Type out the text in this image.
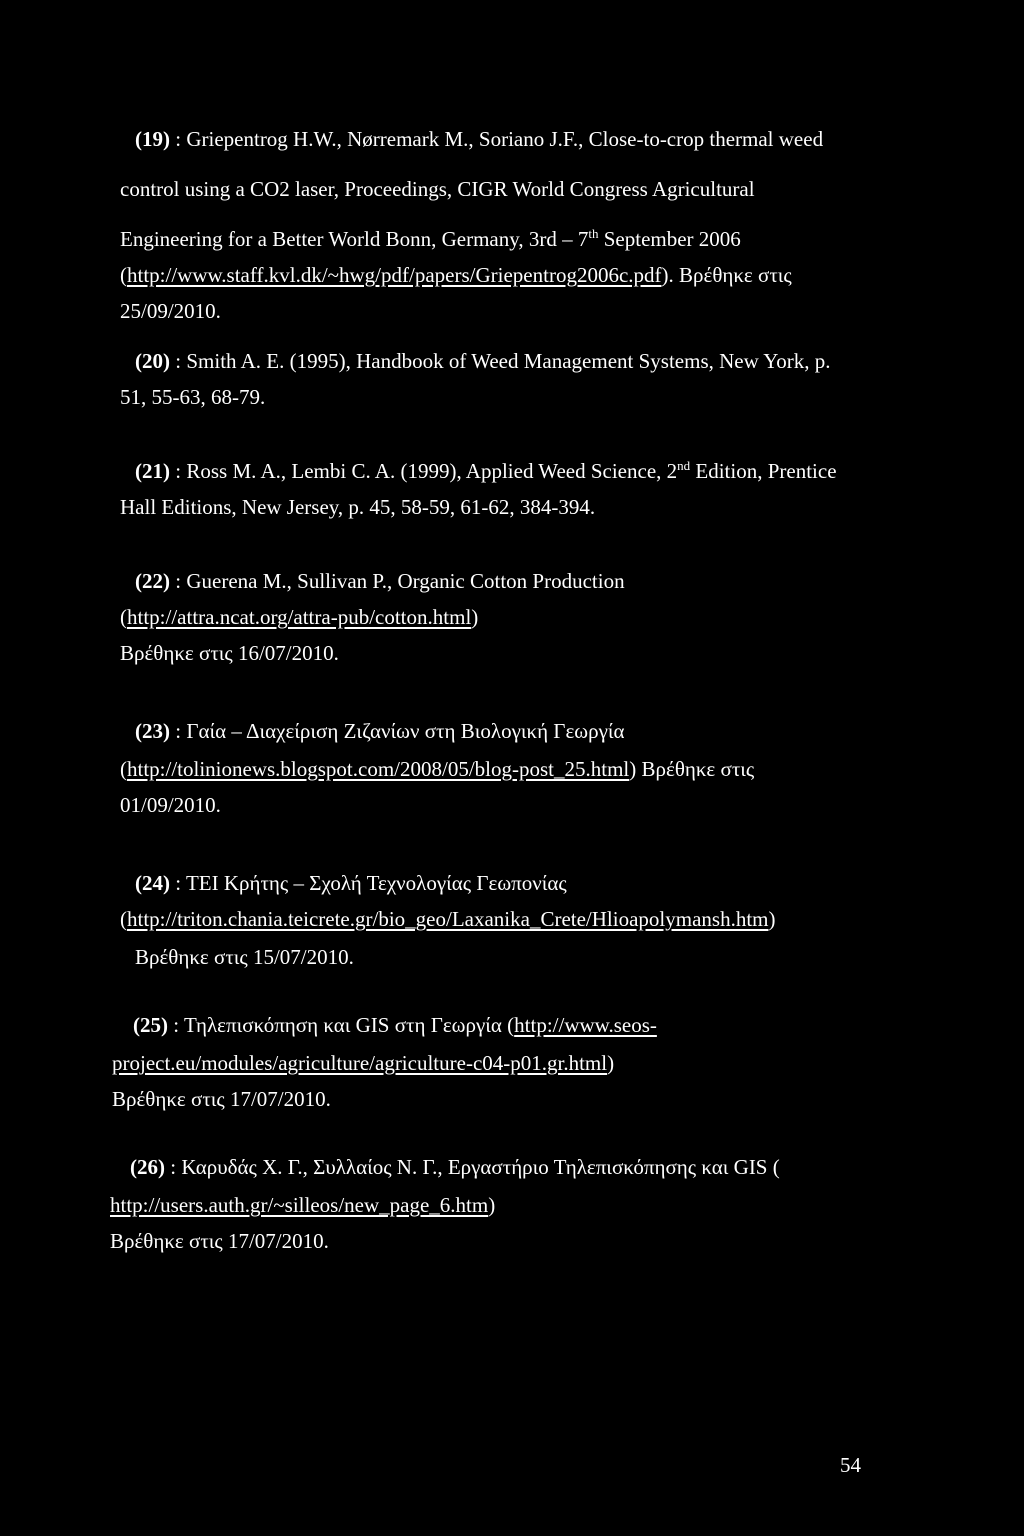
(19) : Griepentrog H.W., Nørremark M., Soriano J.F., Close-to-crop thermal weed

control using a CO2 laser, Proceedings, CIGR World Congress Agricultural

Engineering for a Better World Bonn, Germany, 3rd – 7th September 2006

(http://www.staff.kvl.dk/~hwg/pdf/papers/Griepentrog2006c.pdf). Βρέθηκε στις

25/09/2010.

(20) : Smith A. E. (1995), Handbook of Weed Management Systems, New York, p.

51, 55-63, 68-79.

(21) : Ross M. A., Lembi C. A. (1999), Applied Weed Science, 2nd Edition, Prentice

Hall Editions, New Jersey, p. 45, 58-59, 61-62, 384-394.

(22) : Guerena M., Sullivan P., Organic Cotton Production

(http://attra.ncat.org/attra-pub/cotton.html)

Βρέθηκε στις 16/07/2010.

(23) : Γαία – Διαχείριση Ζιζανίων στη Βιολογική Γεωργία

(http://tolinionews.blogspot.com/2008/05/blog-post_25.html) Βρέθηκε στις

01/09/2010.

(24) : ΤΕΙ Κρήτης – Σχολή Τεχνολογίας Γεωπονίας

(http://triton.chania.teicrete.gr/bio_geo/Laxanika_Crete/Hlioapolymansh.htm)

Βρέθηκε στις 15/07/2010.

(25) : Τηλεπισκόπηση και GIS στη Γεωργία (http://www.seos-

project.eu/modules/agriculture/agriculture-c04-p01.gr.html)

Βρέθηκε στις 17/07/2010.

(26) : Καρυδάς Χ. Γ., Συλλαίος Ν. Γ., Εργαστήριο Τηλεπισκόπησης και GIS (

http://users.auth.gr/~silleos/new_page_6.htm)

Βρέθηκε στις 17/07/2010.

54
